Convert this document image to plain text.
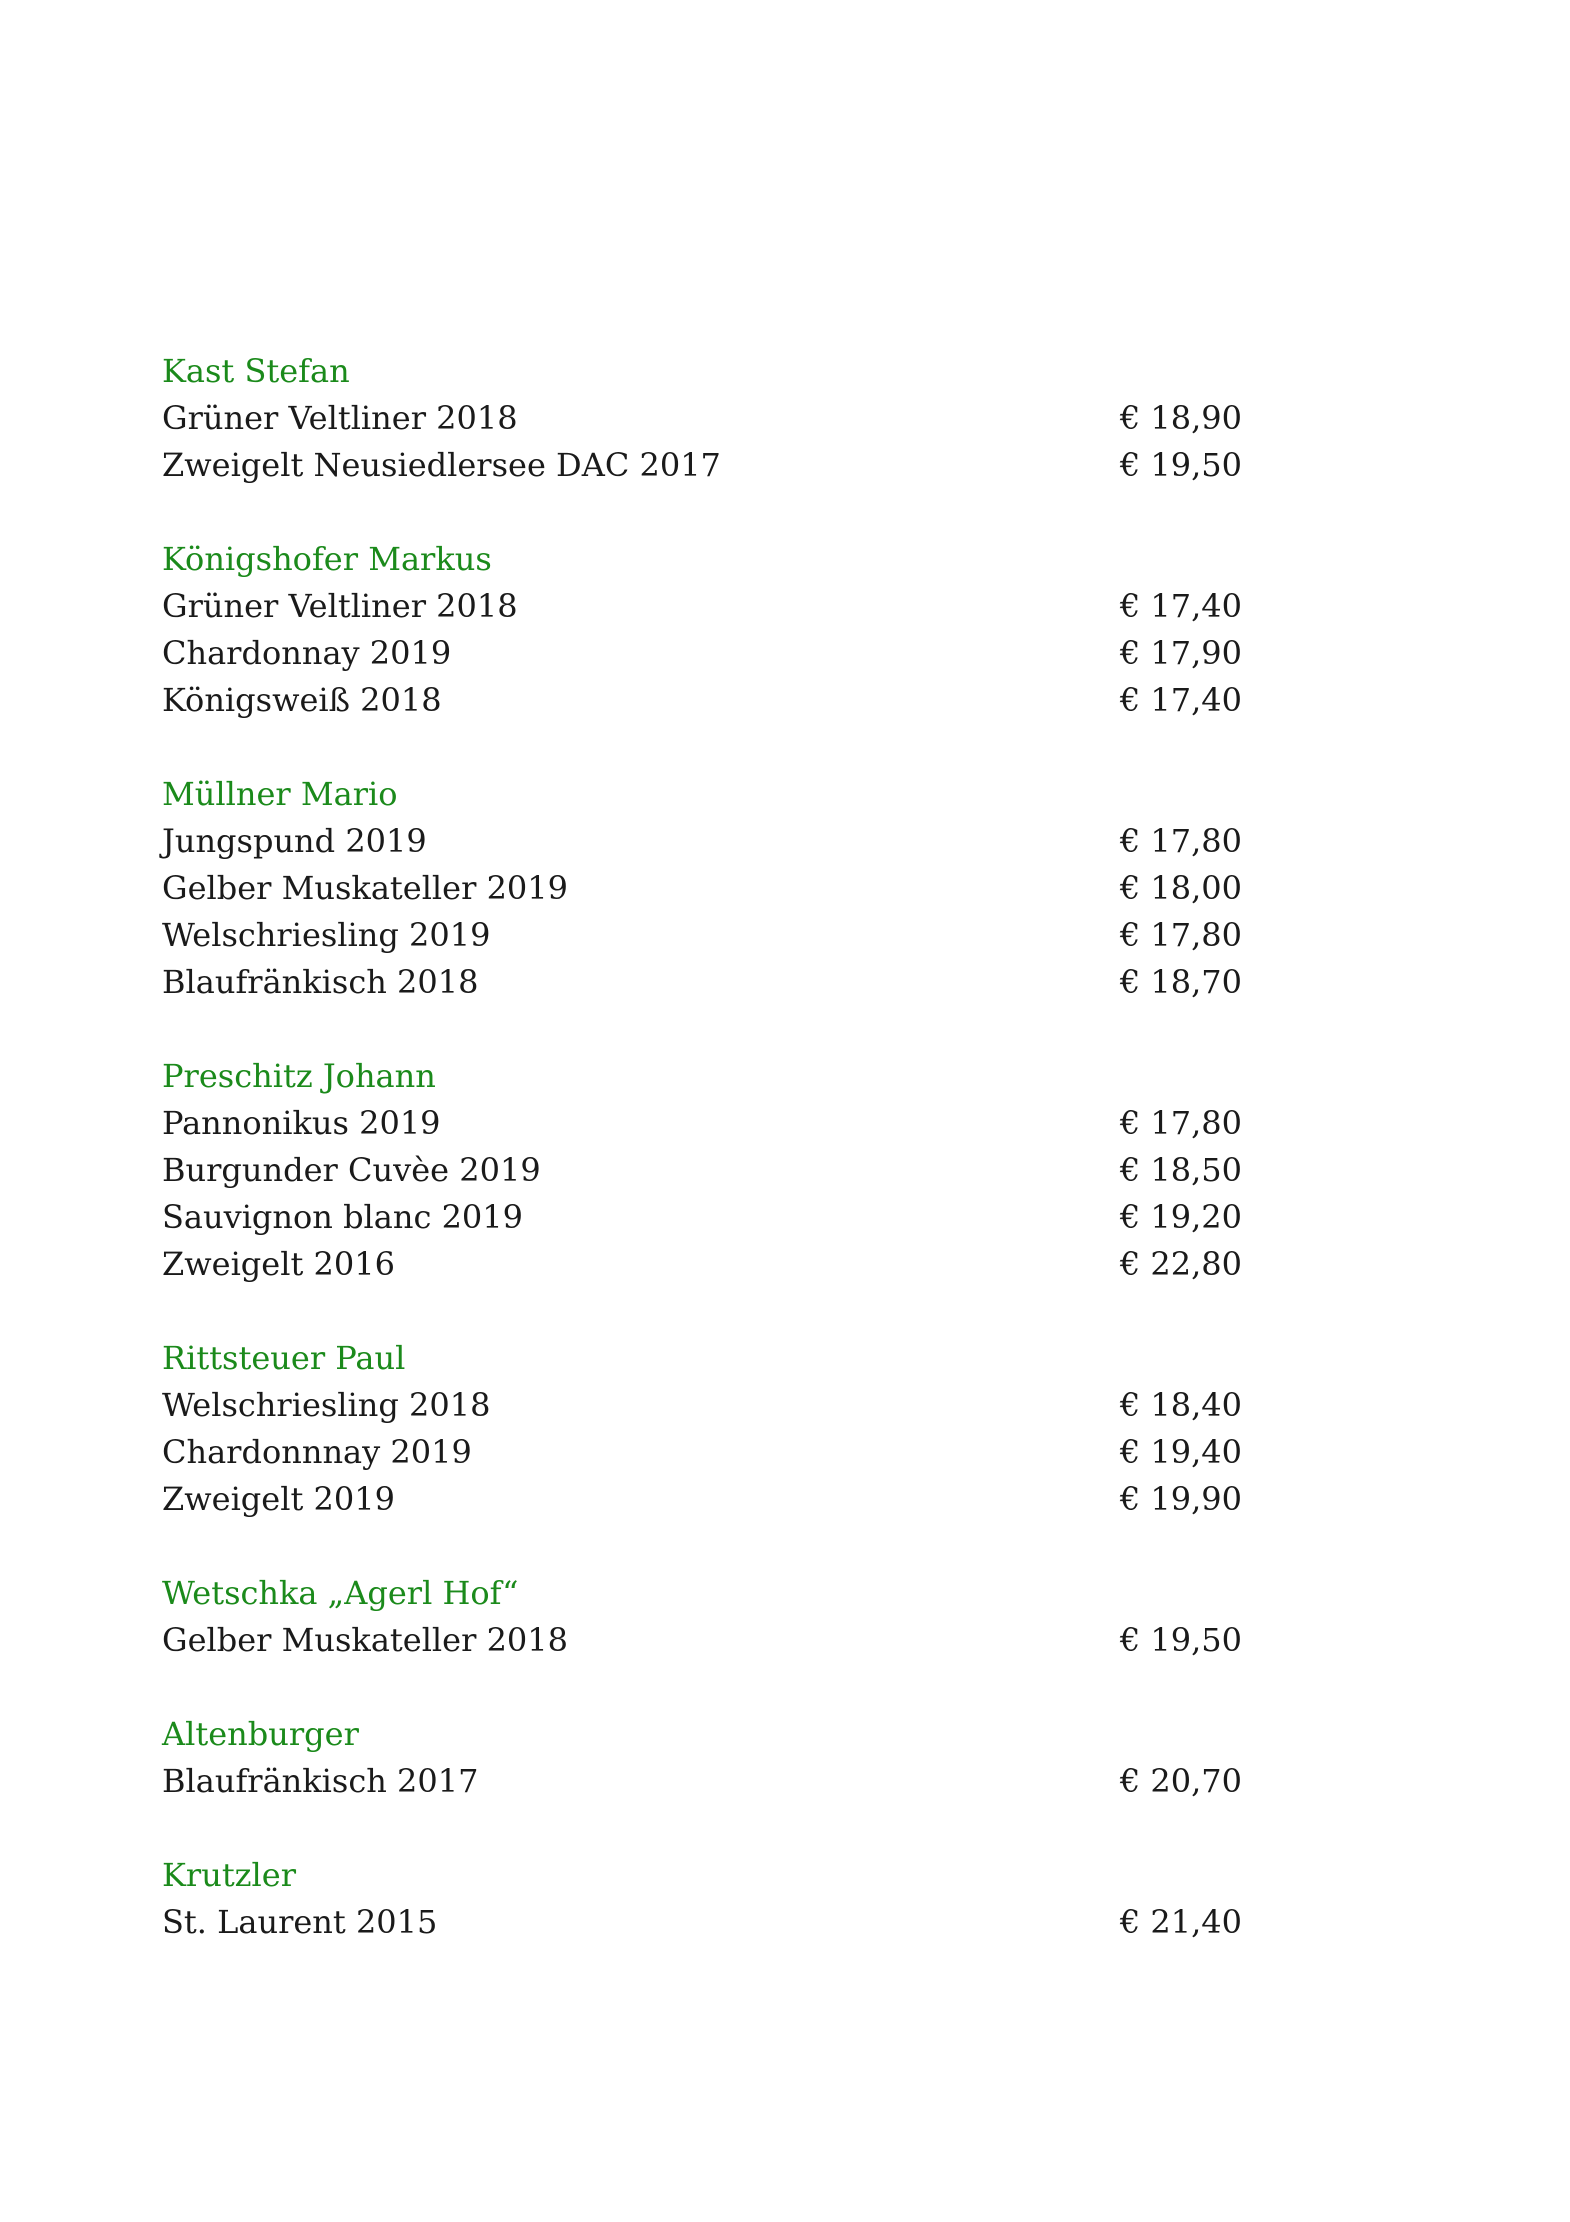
Kast Stefan
Grüner Veltliner 2018	€ 18,90
Zweigelt Neusiedlersee DAC 2017	€ 19,50
Königshofer Markus
Grüner Veltliner 2018	€ 17,40
Chardonnay 2019	€ 17,90
Königsweiß 2018	€ 17,40
Müllner Mario
Jungspund 2019	€ 17,80
Gelber Muskateller 2019	€ 18,00
Welschriesling 2019	€ 17,80
Blaufränkisch 2018	€ 18,70
Preschitz Johann
Pannonikus 2019	€ 17,80
Burgunder Cuvèe 2019	€ 18,50
Sauvignon blanc 2019	€ 19,20
Zweigelt 2016	€ 22,80
Rittsteuer Paul
Welschriesling 2018	€ 18,40
Chardonnnay 2019	€ 19,40
Zweigelt 2019	€ 19,90
Wetschka „Agerl Hof“
Gelber Muskateller 2018	€ 19,50
Altenburger
Blaufränkisch 2017	€ 20,70
Krutzler
St. Laurent 2015	€ 21,40
